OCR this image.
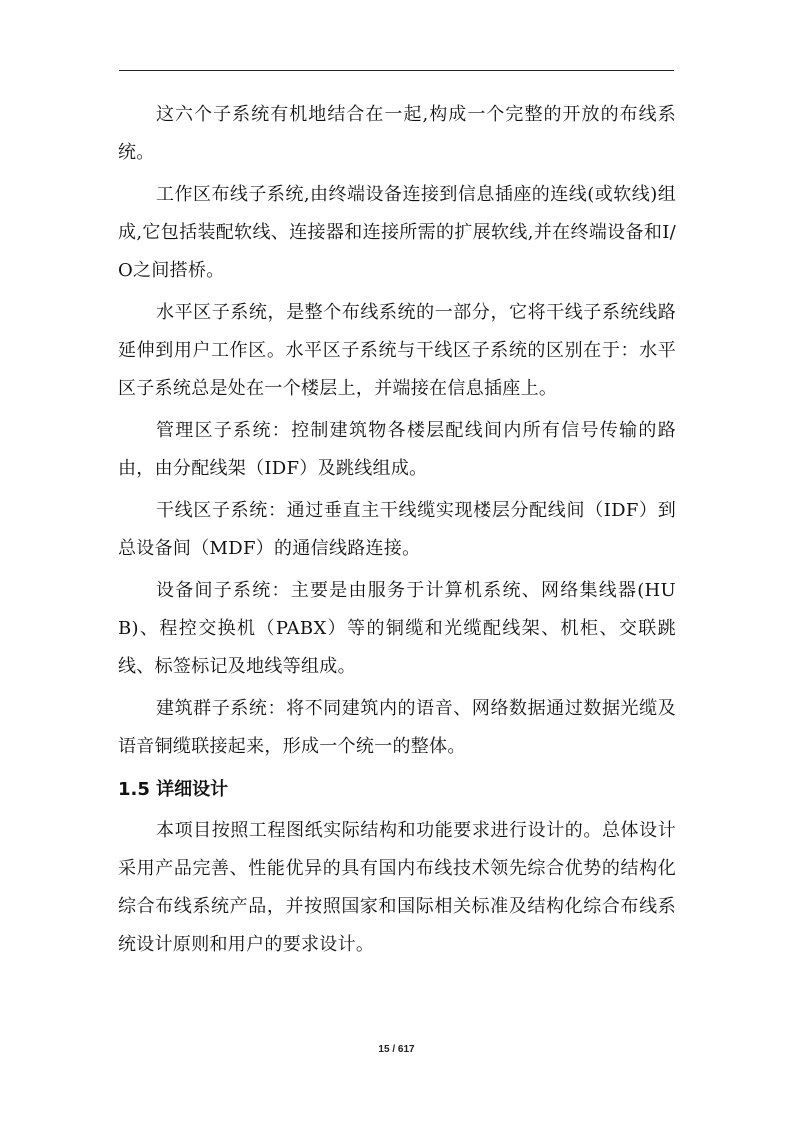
这六个子系统有机地结合在一起,构成一个完整的开放的布线系统。

工作区布线子系统,由终端设备连接到信息插座的连线(或软线)组成,它包括装配软线、连接器和连接所需的扩展软线,并在终端设备和I/O之间搭桥。

水平区子系统，是整个布线系统的一部分，它将干线子系统线路延伸到用户工作区。水平区子系统与干线区子系统的区别在于：水平区子系统总是处在一个楼层上，并端接在信息插座上。

管理区子系统：控制建筑物各楼层配线间内所有信号传输的路由，由分配线架（IDF）及跳线组成。

干线区子系统：通过垂直主干线缆实现楼层分配线间（IDF）到总设备间（MDF）的通信线路连接。

设备间子系统：主要是由服务于计算机系统、网络集线器(HUB)、程控交换机（PABX）等的铜缆和光缆配线架、机柜、交联跳线、标签标记及地线等组成。

建筑群子系统：将不同建筑内的语音、网络数据通过数据光缆及语音铜缆联接起来，形成一个统一的整体。

1.5 详细设计

本项目按照工程图纸实际结构和功能要求进行设计的。总体设计采用产品完善、性能优异的具有国内布线技术领先综合优势的结构化综合布线系统产品，并按照国家和国际相关标准及结构化综合布线系统设计原则和用户的要求设计。

15 / 617
